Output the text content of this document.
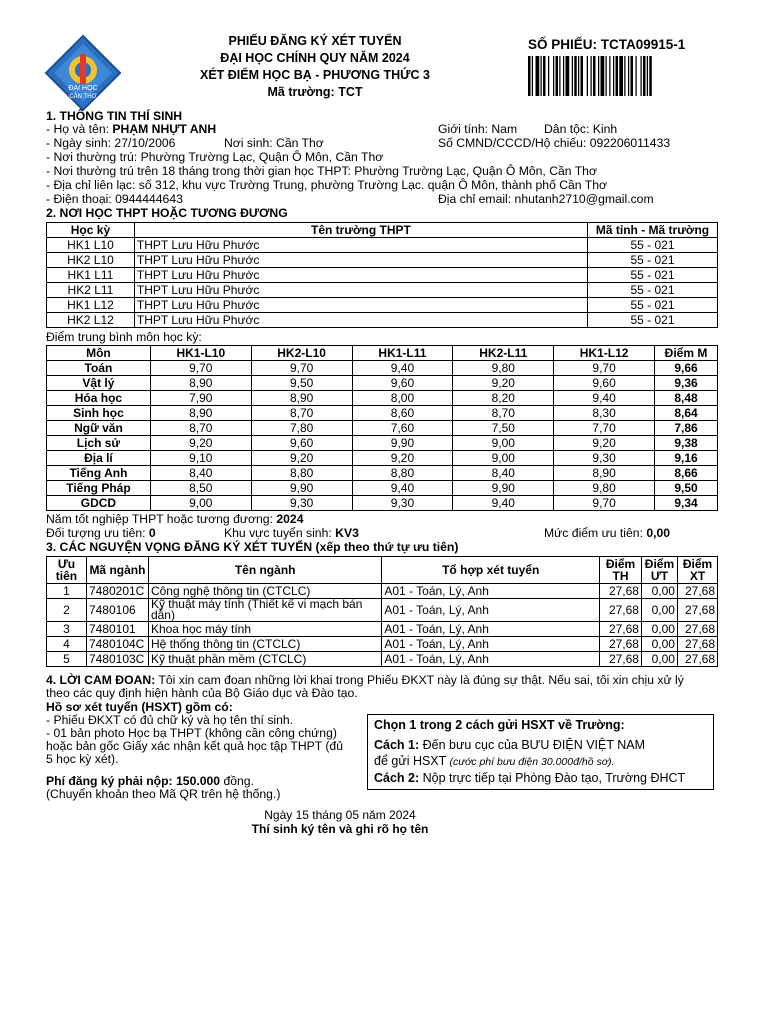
ĐẠI HỌC
CẦN THƠ
PHIẾU ĐĂNG KÝ XÉT TUYỂN
ĐẠI HỌC CHÍNH QUY NĂM 2024
XÉT ĐIỂM HỌC BẠ - PHƯƠNG THỨC 3
Mã trường: TCT
SỐ PHIẾU: TCTA09915-1
1. THÔNG TIN THÍ SINH
- Họ và tên: PHẠM NHỰT ANH	Giới tính: Nam Dân tộc: Kinh
- Ngày sinh: 27/10/2006	Nơi sinh: Cần Thơ	Số CMND/CCCD/Hộ chiếu: 092206011433
- Nơi thường trú: Phường Trường Lạc, Quận Ô Môn, Cần Thơ
- Nơi thường trú trên 18 tháng trong thời gian học THPT: Phường Trường Lạc, Quận Ô Môn, Cần Thơ
- Địa chỉ liên lạc: số 312, khu vực Trường Trung, phường Trường Lạc. quận Ô Môn, thành phố Cần Thơ
- Điện thoại: 0944444643	Địa chỉ email: nhutanh2710@gmail.com
2. NƠI HỌC THPT HOẶC TƯƠNG ĐƯƠNG
Học kỳ	Tên trường THPT	Mã tỉnh - Mã trường
HK1 L10	THPT Lưu Hữu Phước	55 - 021
HK2 L10	THPT Lưu Hữu Phước	55 - 021
HK1 L11	THPT Lưu Hữu Phước	55 - 021
HK2 L11	THPT Lưu Hữu Phước	55 - 021
HK1 L12	THPT Lưu Hữu Phước	55 - 021
HK2 L12	THPT Lưu Hữu Phước	55 - 021
Điểm trung bình môn học kỳ:
Môn	HK1-L10	HK2-L10	HK1-L11	HK2-L11	HK1-L12	Điểm M
Toán	9,70	9,70	9,40	9,80	9,70	9,66
Vật lý	8,90	9,50	9,60	9,20	9,60	9,36
Hóa học	7,90	8,90	8,00	8,20	9,40	8,48
Sinh học	8,90	8,70	8,60	8,70	8,30	8,64
Ngữ văn	8,70	7,80	7,60	7,50	7,70	7,86
Lịch sử	9,20	9,60	9,90	9,00	9,20	9,38
Địa lí	9,10	9,20	9,20	9,00	9,30	9,16
Tiếng Anh	8,40	8,80	8,80	8,40	8,90	8,66
Tiếng Pháp	8,50	9,90	9,40	9,90	9,80	9,50
GDCD	9,00	9,30	9,30	9,40	9,70	9,34
Năm tốt nghiệp THPT hoặc tương đương: 2024
Đối tượng ưu tiên: 0	Khu vực tuyển sinh: KV3	Mức điểm ưu tiên: 0,00
3. CÁC NGUYỆN VỌNG ĐĂNG KÝ XÉT TUYỂN (xếp theo thứ tự ưu tiên)
Ưu tiên	Mã ngành	Tên ngành	Tổ hợp xét tuyển	Điểm TH	Điểm ƯT	Điểm XT
1	7480201C	Công nghệ thông tin (CTCLC)	A01 - Toán, Lý, Anh	27,68	0,00	27,68
2	7480106	Kỹ thuật máy tính (Thiết kế vi mạch bán dẫn)	A01 - Toán, Lý, Anh	27,68	0,00	27,68
3	7480101	Khoa học máy tính	A01 - Toán, Lý, Anh	27,68	0,00	27,68
4	7480104C	Hệ thống thông tin (CTCLC)	A01 - Toán, Lý, Anh	27,68	0,00	27,68
5	7480103C	Kỹ thuật phần mềm (CTCLC)	A01 - Toán, Lý, Anh	27,68	0,00	27,68
4. LỜI CAM ĐOAN: Tôi xin cam đoan những lời khai trong Phiếu ĐKXT này là đúng sự thật. Nếu sai, tôi xin chịu xử lý
theo các quy định hiện hành của Bộ Giáo dục và Đào tạo.
Hồ sơ xét tuyển (HSXT) gồm có:
- Phiếu ĐKXT có đủ chữ ký và họ tên thí sinh.
- 01 bản photo Học bạ THPT (không cần công chứng)
hoặc bản gốc Giấy xác nhận kết quả học tập THPT (đủ
5 học kỳ xét).
Phí đăng ký phải nộp: 150.000 đồng.
(Chuyển khoản theo Mã QR trên hệ thống.)
Chọn 1 trong 2 cách gửi HSXT về Trường:
Cách 1: Đến bưu cục của BƯU ĐIỆN VIỆT NAM
để gửi HSXT (cước phí bưu điện 30.000đ/hồ sơ).
Cách 2: Nộp trực tiếp tại Phòng Đào tạo, Trường ĐHCT
Ngày 15 tháng 05 năm 2024
Thí sinh ký tên và ghi rõ họ tên
